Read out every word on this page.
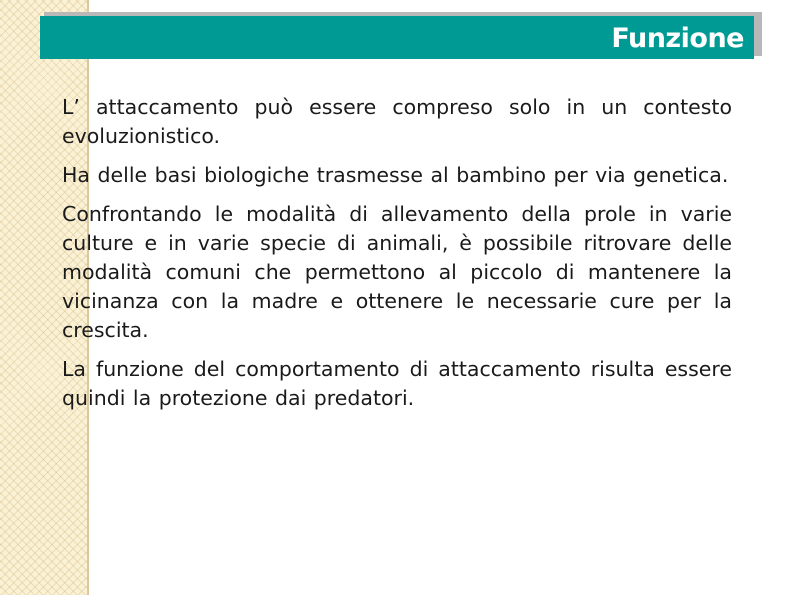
Funzione

L’ attaccamento può essere compreso solo in un contesto evoluzionistico.

Ha delle basi biologiche trasmesse al bambino per via genetica.

Confrontando le modalità di allevamento della prole in varie culture e in varie specie di animali, è possibile ritrovare delle modalità comuni che permettono al piccolo di mantenere la vicinanza con la madre e ottenere le necessarie cure per la crescita.

La funzione del comportamento di attaccamento risulta essere quindi la protezione dai predatori.
